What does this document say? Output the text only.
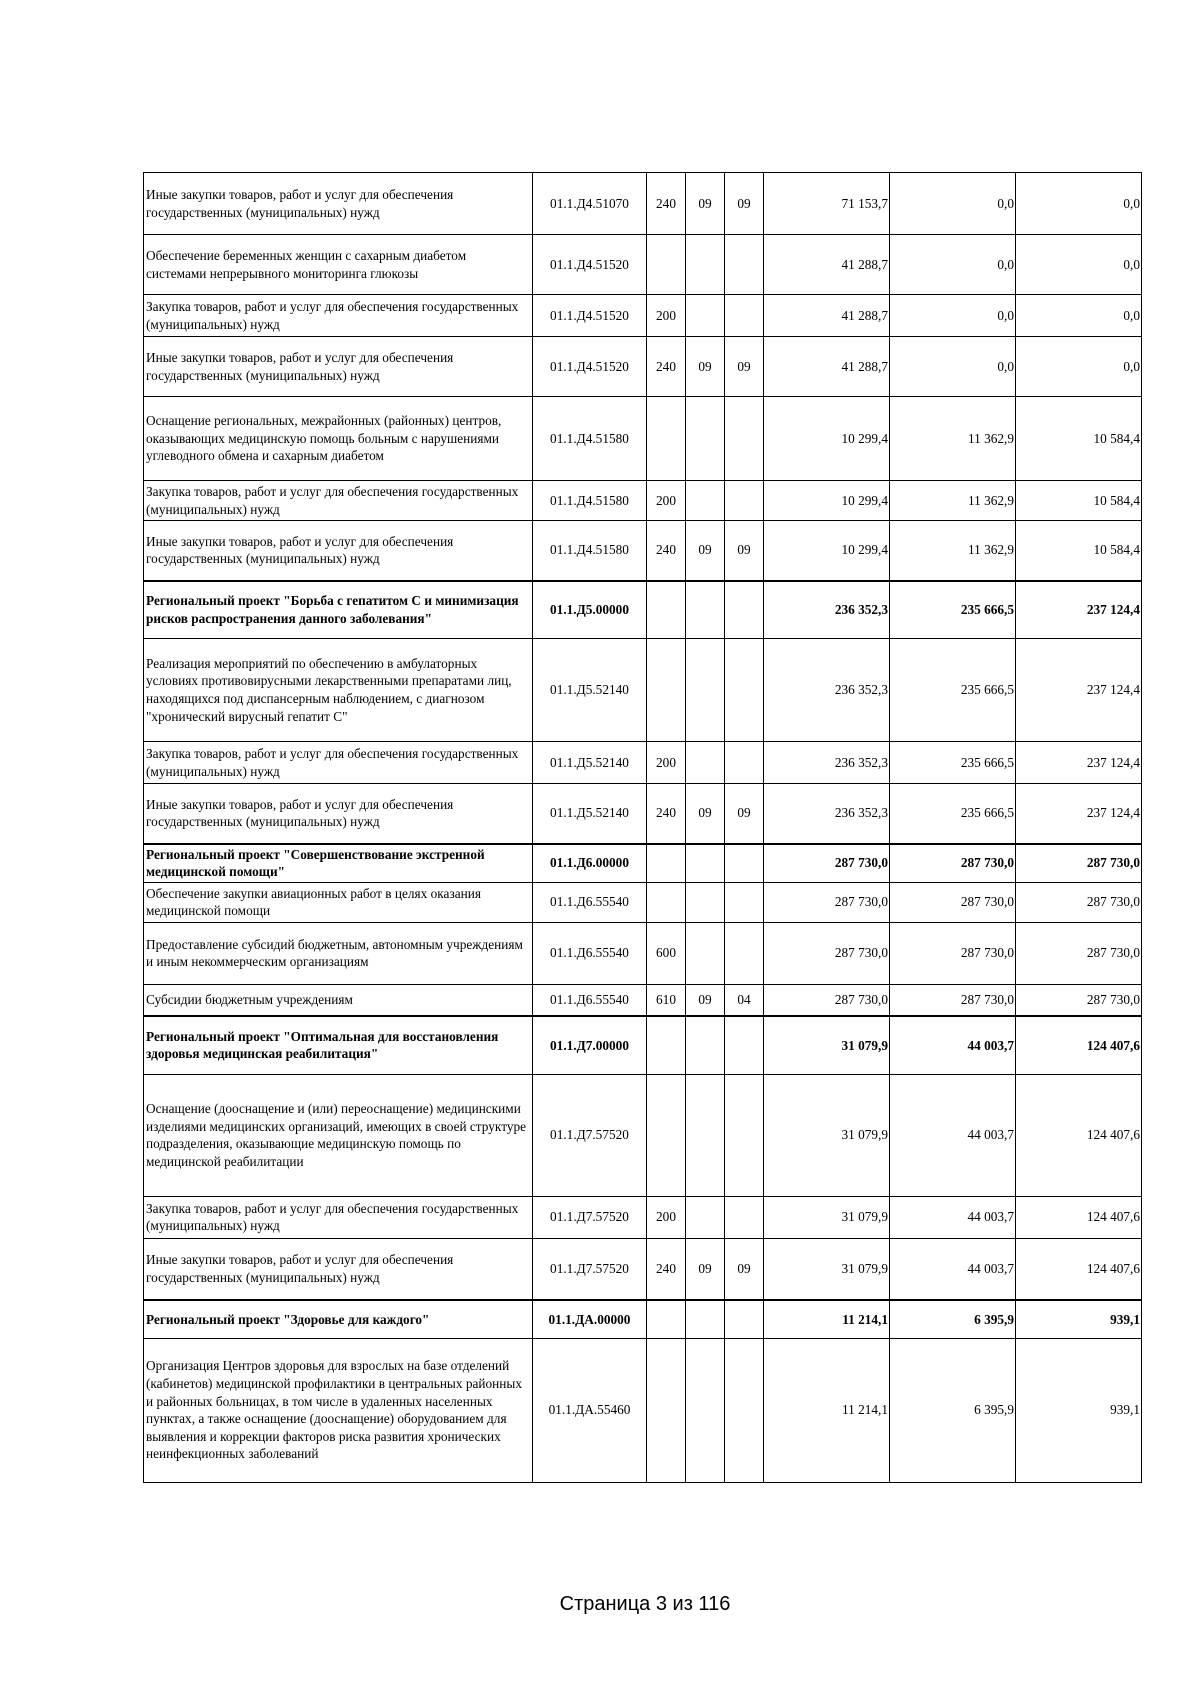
Иные закупки товаров, работ и услуг для обеспечения государственных (муниципальных) нужд	01.1.Д4.51070	240	09	09	71 153,7	0,0	0,0
Обеспечение беременных женщин с сахарным диабетом системами непрерывного мониторинга глюкозы	01.1.Д4.51520				41 288,7	0,0	0,0
Закупка товаров, работ и услуг для обеспечения государственных (муниципальных) нужд	01.1.Д4.51520	200			41 288,7	0,0	0,0
Иные закупки товаров, работ и услуг для обеспечения государственных (муниципальных) нужд	01.1.Д4.51520	240	09	09	41 288,7	0,0	0,0
Оснащение региональных, межрайонных (районных) центров, оказывающих медицинскую помощь больным с нарушениями углеводного обмена и сахарным диабетом	01.1.Д4.51580				10 299,4	11 362,9	10 584,4
Закупка товаров, работ и услуг для обеспечения государственных (муниципальных) нужд	01.1.Д4.51580	200			10 299,4	11 362,9	10 584,4
Иные закупки товаров, работ и услуг для обеспечения государственных (муниципальных) нужд	01.1.Д4.51580	240	09	09	10 299,4	11 362,9	10 584,4
Региональный проект "Борьба с гепатитом С и минимизация рисков распространения данного заболевания"	01.1.Д5.00000				236 352,3	235 666,5	237 124,4
Реализация мероприятий по обеспечению в амбулаторных условиях противовирусными лекарственными препаратами лиц, находящихся под диспансерным наблюдением, с диагнозом "хронический вирусный гепатит С"	01.1.Д5.52140				236 352,3	235 666,5	237 124,4
Закупка товаров, работ и услуг для обеспечения государственных (муниципальных) нужд	01.1.Д5.52140	200			236 352,3	235 666,5	237 124,4
Иные закупки товаров, работ и услуг для обеспечения государственных (муниципальных) нужд	01.1.Д5.52140	240	09	09	236 352,3	235 666,5	237 124,4
Региональный проект "Совершенствование экстренной медицинской помощи"	01.1.Д6.00000				287 730,0	287 730,0	287 730,0
Обеспечение закупки авиационных работ в целях оказания медицинской помощи	01.1.Д6.55540				287 730,0	287 730,0	287 730,0
Предоставление субсидий бюджетным, автономным учреждениям и иным некоммерческим организациям	01.1.Д6.55540	600			287 730,0	287 730,0	287 730,0
Субсидии бюджетным учреждениям	01.1.Д6.55540	610	09	04	287 730,0	287 730,0	287 730,0
Региональный проект "Оптимальная для восстановления здоровья медицинская реабилитация"	01.1.Д7.00000				31 079,9	44 003,7	124 407,6
Оснащение (дооснащение и (или) переоснащение) медицинскими изделиями медицинских организаций, имеющих в своей структуре подразделения, оказывающие медицинскую помощь по медицинской реабилитации	01.1.Д7.57520				31 079,9	44 003,7	124 407,6
Закупка товаров, работ и услуг для обеспечения государственных (муниципальных) нужд	01.1.Д7.57520	200			31 079,9	44 003,7	124 407,6
Иные закупки товаров, работ и услуг для обеспечения государственных (муниципальных) нужд	01.1.Д7.57520	240	09	09	31 079,9	44 003,7	124 407,6
Региональный проект "Здоровье для каждого"	01.1.ДА.00000				11 214,1	6 395,9	939,1
Организация Центров здоровья для взрослых на базе отделений (кабинетов) медицинской профилактики в центральных районных и районных больницах, в том числе в удаленных населенных пунктах, а также оснащение (дооснащение) оборудованием для выявления и коррекции факторов риска развития хронических неинфекционных заболеваний	01.1.ДА.55460				11 214,1	6 395,9	939,1
Страница 3 из 116
